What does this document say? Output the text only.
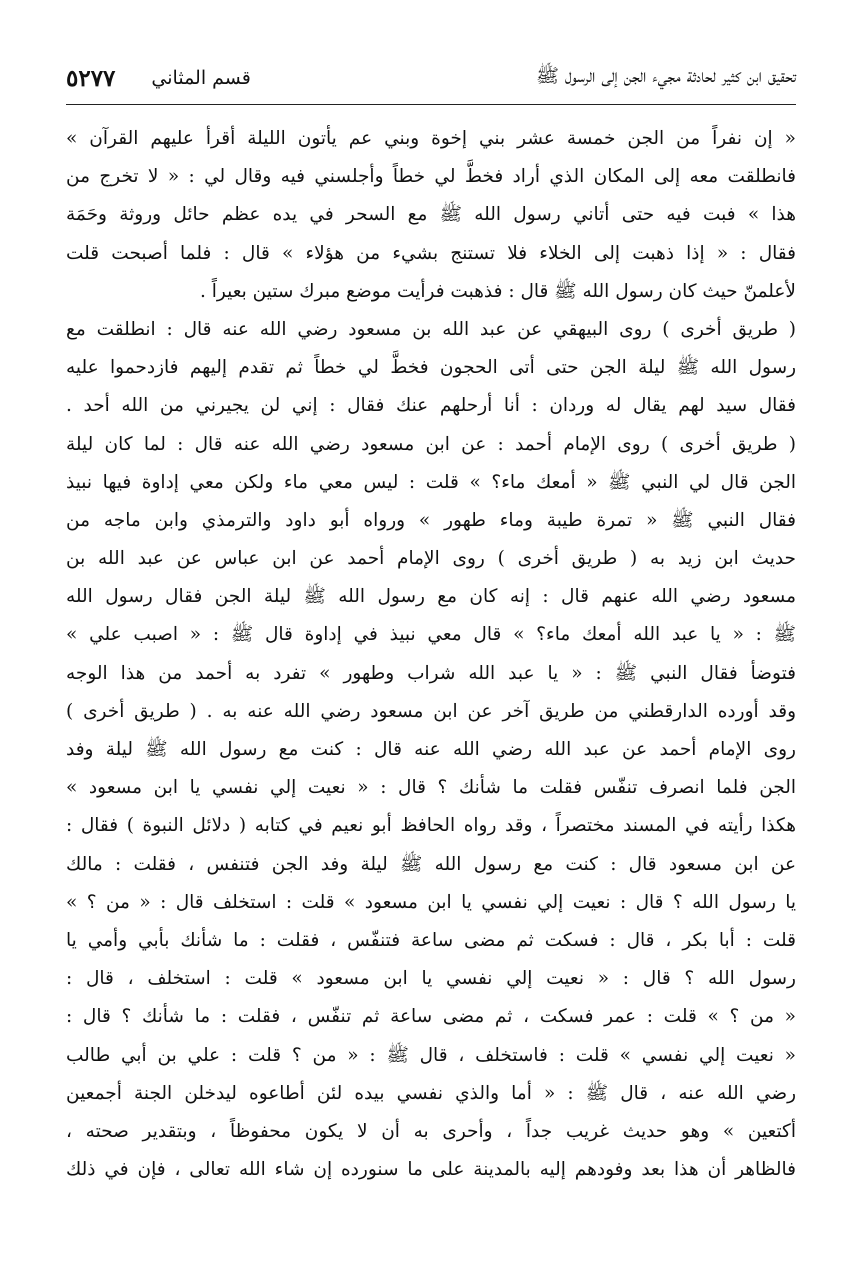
تحقيق ابن كثير لحادثة مجيء الجن إلى الرسول ﷺ
قسم المثاني
٥٢٧٧
« إن نفراً من الجن خمسة عشر بني إخوة وبني عم يأتون الليلة أقرأ عليهم القرآن »
فانطلقت معه إلى المكان الذي أراد فخطَّ لي خطاً وأجلسني فيه وقال لي : « لا تخرج من
هذا » فبت فيه حتى أتاني رسول الله ﷺ مع السحر في يده عظم حائل وروثة وحَمَة
فقال : « إذا ذهبت إلى الخلاء فلا تستنج بشيء من هؤلاء » قال : فلما أصبحت قلت
لأعلمنّ حيث كان رسول الله ﷺ قال : فذهبت فرأيت موضع مبرك ستين بعيراً .
( طريق أخرى ) روى البيهقي عن عبد الله بن مسعود رضي الله عنه قال : انطلقت مع
رسول الله ﷺ ليلة الجن حتى أتى الحجون فخطَّ لي خطاً ثم تقدم إليهم فازدحموا عليه
فقال سيد لهم يقال له وردان : أنا أرحلهم عنك فقال : إني لن يجيرني من الله أحد .
( طريق أخرى ) روى الإمام أحمد : عن ابن مسعود رضي الله عنه قال : لما كان ليلة
الجن قال لي النبي ﷺ « أمعك ماء؟ » قلت : ليس معي ماء ولكن معي إداوة فيها نبيذ
فقال النبي ﷺ « تمرة طيبة وماء طهور » ورواه أبو داود والترمذي وابن ماجه من
حديث ابن زيد به ( طريق أخرى ) روى الإمام أحمد عن ابن عباس عن عبد الله بن
مسعود رضي الله عنهم قال : إنه كان مع رسول الله ﷺ ليلة الجن فقال رسول الله
ﷺ : « يا عبد الله أمعك ماء؟ » قال معي نبيذ في إداوة قال ﷺ : « اصبب علي »
فتوضأ فقال النبي ﷺ : « يا عبد الله شراب وطهور » تفرد به أحمد من هذا الوجه
وقد أورده الدارقطني من طريق آخر عن ابن مسعود رضي الله عنه به . ( طريق أخرى )
روى الإمام أحمد عن عبد الله رضي الله عنه قال : كنت مع رسول الله ﷺ ليلة وفد
الجن فلما انصرف تنفّس فقلت ما شأنك ؟ قال : « نعيت إلي نفسي يا ابن مسعود »
هكذا رأيته في المسند مختصراً ، وقد رواه الحافظ أبو نعيم في كتابه ( دلائل النبوة ) فقال :
عن ابن مسعود قال : كنت مع رسول الله ﷺ ليلة وفد الجن فتنفس ، فقلت : مالك
يا رسول الله ؟ قال : نعيت إلي نفسي يا ابن مسعود » قلت : استخلف قال : « من ؟ »
قلت : أبا بكر ، قال : فسكت ثم مضى ساعة فتنفّس ، فقلت : ما شأنك بأبي وأمي يا
رسول الله ؟ قال : « نعيت إلي نفسي يا ابن مسعود » قلت : استخلف ، قال :
« من ؟ » قلت : عمر فسكت ، ثم مضى ساعة ثم تنفّس ، فقلت : ما شأنك ؟ قال :
« نعيت إلي نفسي » قلت : فاستخلف ، قال ﷺ : « من ؟ قلت : علي بن أبي طالب
رضي الله عنه ، قال ﷺ : « أما والذي نفسي بيده لئن أطاعوه ليدخلن الجنة أجمعين
أكتعين » وهو حديث غريب جداً ، وأحرى به أن لا يكون محفوظاً ، وبتقدير صحته ،
فالظاهر أن هذا بعد وفودهم إليه بالمدينة على ما سنورده إن شاء الله تعالى ، فإن في ذلك
